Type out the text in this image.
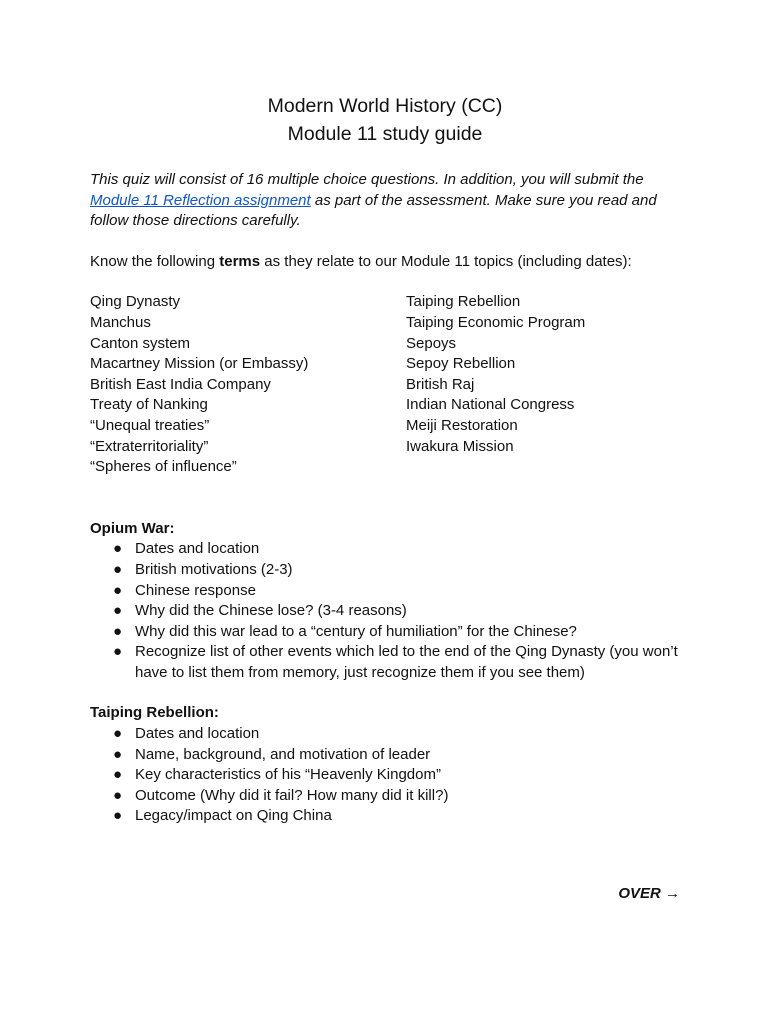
Modern World History (CC)
Module 11 study guide

This quiz will consist of 16 multiple choice questions. In addition, you will submit the Module 11 Reflection assignment as part of the assessment. Make sure you read and follow those directions carefully.

Know the following terms as they relate to our Module 11 topics (including dates):

Qing Dynasty
Manchus
Canton system
Macartney Mission (or Embassy)
British East India Company
Treaty of Nanking
“Unequal treaties”
“Extraterritoriality”
“Spheres of influence”
Taiping Rebellion
Taiping Economic Program
Sepoys
Sepoy Rebellion
British Raj
Indian National Congress
Meiji Restoration
Iwakura Mission

Opium War:

● Dates and location
● British motivations (2-3)
● Chinese response
● Why did the Chinese lose? (3-4 reasons)
● Why did this war lead to a “century of humiliation” for the Chinese?
● Recognize list of other events which led to the end of the Qing Dynasty (you won’t have to list them from memory, just recognize them if you see them)

Taiping Rebellion:

● Dates and location
● Name, background, and motivation of leader
● Key characteristics of his “Heavenly Kingdom”
● Outcome (Why did it fail? How many did it kill?)
● Legacy/impact on Qing China
OVER →
